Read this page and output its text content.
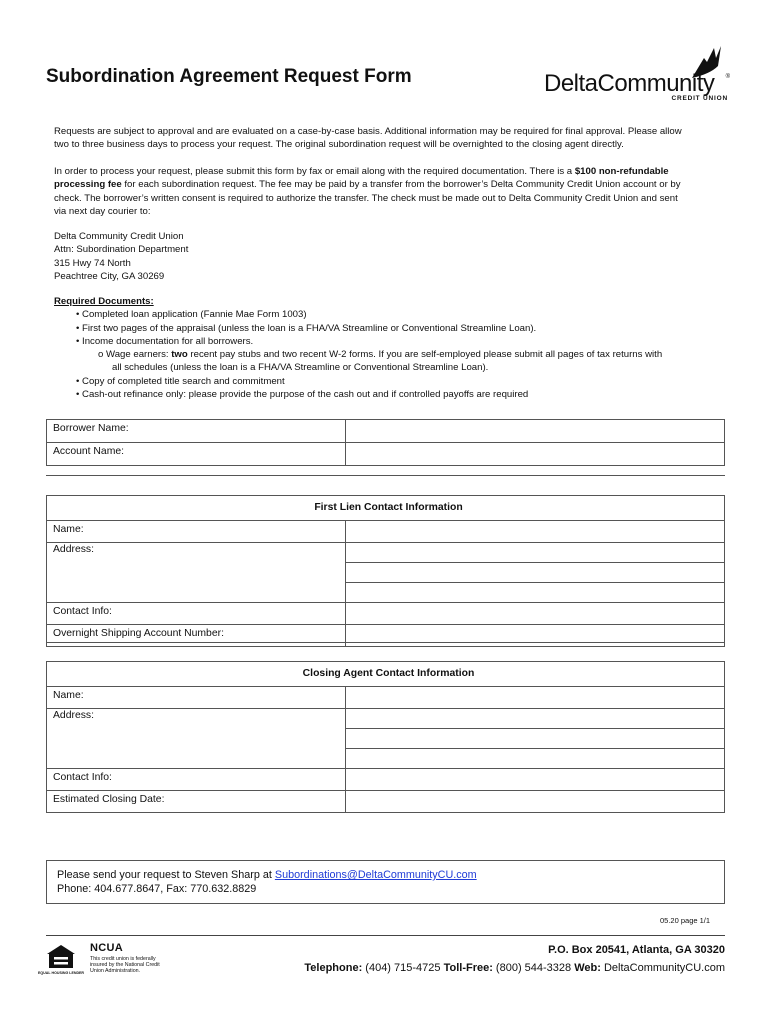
Subordination Agreement Request Form	DeltaCommunity ®
CREDIT UNION
Requests are subject to approval and are evaluated on a case-by-case basis. Additional information may be required for final approval. Please allow
two to three business days to process your request. The original subordination request will be overnighted to the closing agent directly.
In order to process your request, please submit this form by fax or email along with the required documentation. There is a $100 non-refundable
processing fee for each subordination request. The fee may be paid by a transfer from the borrower’s Delta Community Credit Union account or by
check. The borrower’s written consent is required to authorize the transfer. The check must be made out to Delta Community Credit Union and sent
via next day courier to:
Delta Community Credit Union
Attn: Subordination Department
315 Hwy 74 North
Peachtree City, GA 30269
Required Documents:
• Completed loan application (Fannie Mae Form 1003)
• First two pages of the appraisal (unless the loan is a FHA/VA Streamline or Conventional Streamline Loan).
• Income documentation for all borrowers.
o Wage earners: two recent pay stubs and two recent W-2 forms. If you are self-employed please submit all pages of tax returns with
all schedules (unless the loan is a FHA/VA Streamline or Conventional Streamline Loan).
• Copy of completed title search and commitment
• Cash-out refinance only: please provide the purpose of the cash out and if controlled payoffs are required
Borrower Name:	
Account Name:	
First Lien Contact Information	
Name:	
Address:	

Contact Info:	
Overnight Shipping Account Number:	
Closing Agent Contact Information	
Name:	
Address:	

Contact Info:	
Estimated Closing Date:	
Please send your request to Steven Sharp at Subordinations@DeltaCommunityCU.com
Phone: 404.677.8647, Fax: 770.632.8829
05.20 page 1/1
EQUAL HOUSING LENDER
NCUA
This credit union is federally insured by the National Credit Union Administration.
P.O. Box 20541, Atlanta, GA 30320
Telephone: (404) 715-4725 Toll-Free: (800) 544-3328 Web: DeltaCommunityCU.com
